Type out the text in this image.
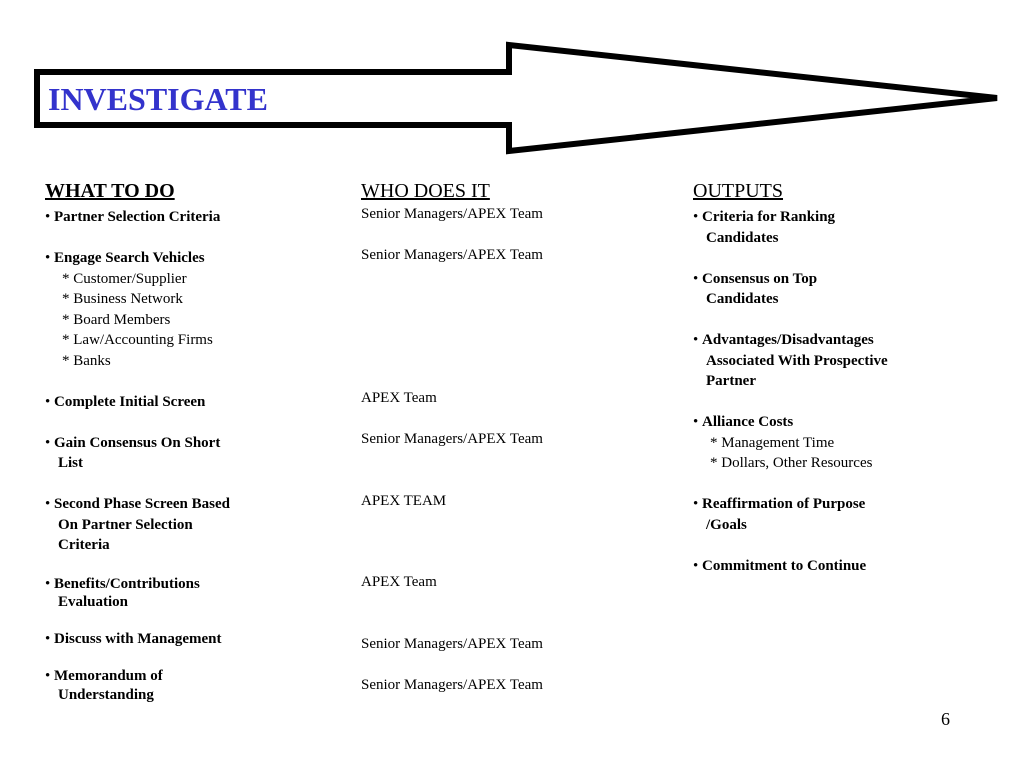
INVESTIGATE
WHAT TO DO	WHO DOES IT	OUTPUTS
• Partner Selection Criteria
• Engage Search Vehicles
* Customer/Supplier
* Business Network
* Board Members
* Law/Accounting Firms
* Banks
• Complete Initial Screen
• Gain Consensus On Short
List
• Second Phase Screen Based
On Partner Selection
Criteria
• Benefits/Contributions
Evaluation
• Discuss with Management
• Memorandum of
Understanding
Senior Managers/APEX Team
Senior Managers/APEX Team
APEX Team
Senior Managers/APEX Team
APEX TEAM
APEX Team
Senior Managers/APEX Team
Senior Managers/APEX Team
• Criteria for Ranking
Candidates
• Consensus on Top
Candidates
• Advantages/Disadvantages
Associated With Prospective
Partner
• Alliance Costs
* Management Time
* Dollars, Other Resources
• Reaffirmation of Purpose
/Goals
• Commitment to Continue
6
